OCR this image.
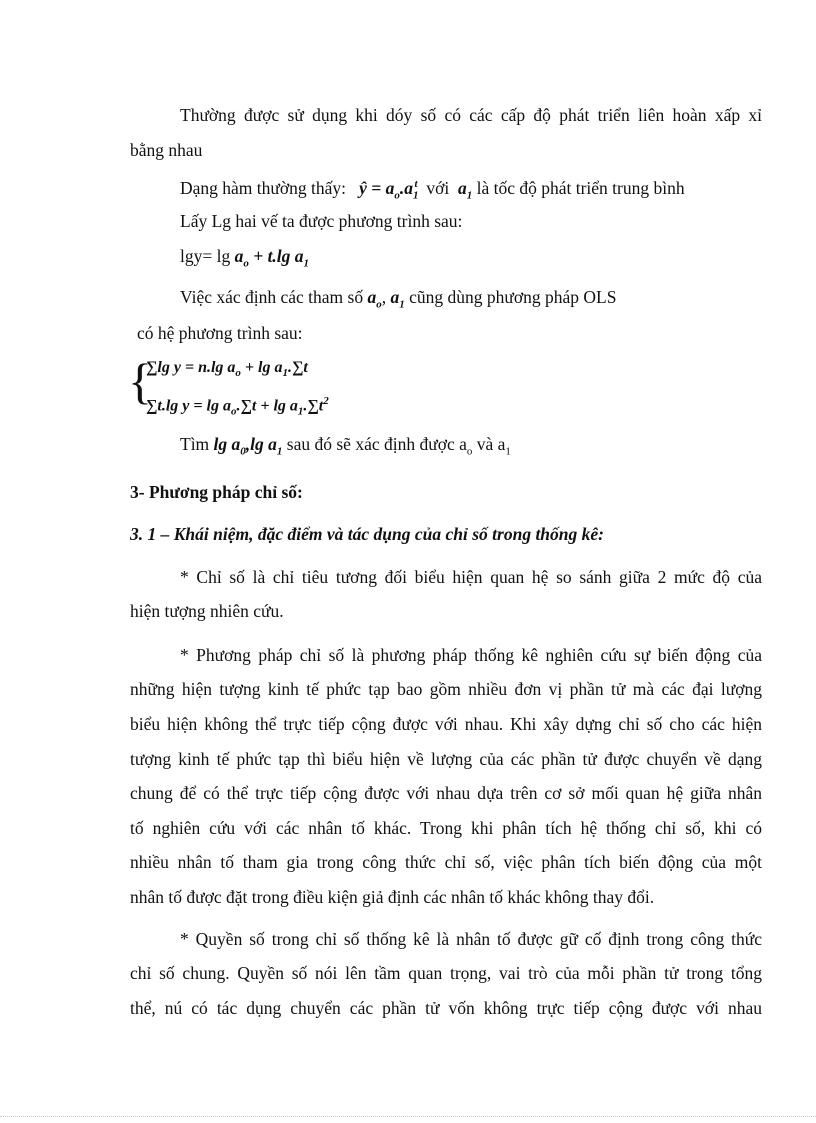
Thường được sử dụng khi dóy số có các cấp độ phát triển liên hoàn xấp xỉ
bằng nhau
Dạng hàm thường thấy: ŷ = $a_o.a_1^t$ với $a_1$ là tốc độ phát triển trung bình
Lấy Lg hai vế ta được phương trình sau:
$\lg y= \lg a_o + t.\lg$ $a_1$
Việc xác định các tham số $a_o$, $a_1$ cũng dùng phương pháp OLS
có hệ phương trình sau:
{
∑lg y = n.lg $a_o + \lg a_1.\sum t$
∑t.lg $y = \lg a_o.\sum t + \lg a_1.\sum t^2$
Tìm $\lg a_0,\lg$ $a_1$ sau đó sẽ xác định được $a_o$ và $a_1$
3- Phương pháp chỉ số:
3. 1 – Khái niệm, đặc điểm và tác dụng của chỉ số trong thống kê:
* Chỉ số là chỉ tiêu tương đối biểu hiện quan hệ so sánh giữa 2 mức độ của
hiện tượng nhiên cứu.
* Phương pháp chỉ số là phương pháp thống kê nghiên cứu sự biến động của
những hiện tượng kinh tế phức tạp bao gồm nhiều đơn vị phần tử mà các đại lượng
biểu hiện không thể trực tiếp cộng được với nhau. Khi xây dựng chỉ số cho các hiện
tượng kinh tế phức tạp thì biểu hiện về lượng của các phần tử được chuyển về dạng
chung để có thể trực tiếp cộng được với nhau dựa trên cơ sở mối quan hệ giữa nhân
tố nghiên cứu với các nhân tố khác. Trong khi phân tích hệ thống chỉ số, khi có
nhiều nhân tố tham gia trong công thức chỉ số, việc phân tích biến động của một
nhân tố được đặt trong điều kiện giả định các nhân tố khác không thay đổi.
* Quyền số trong chỉ số thống kê là nhân tố được gữ cố định trong công thức
chỉ số chung. Quyền số nói lên tầm quan trọng, vai trò của mỗi phần tử trong tổng
thể, nú có tác dụng chuyển các phần tử vốn không trực tiếp cộng được với nhau
